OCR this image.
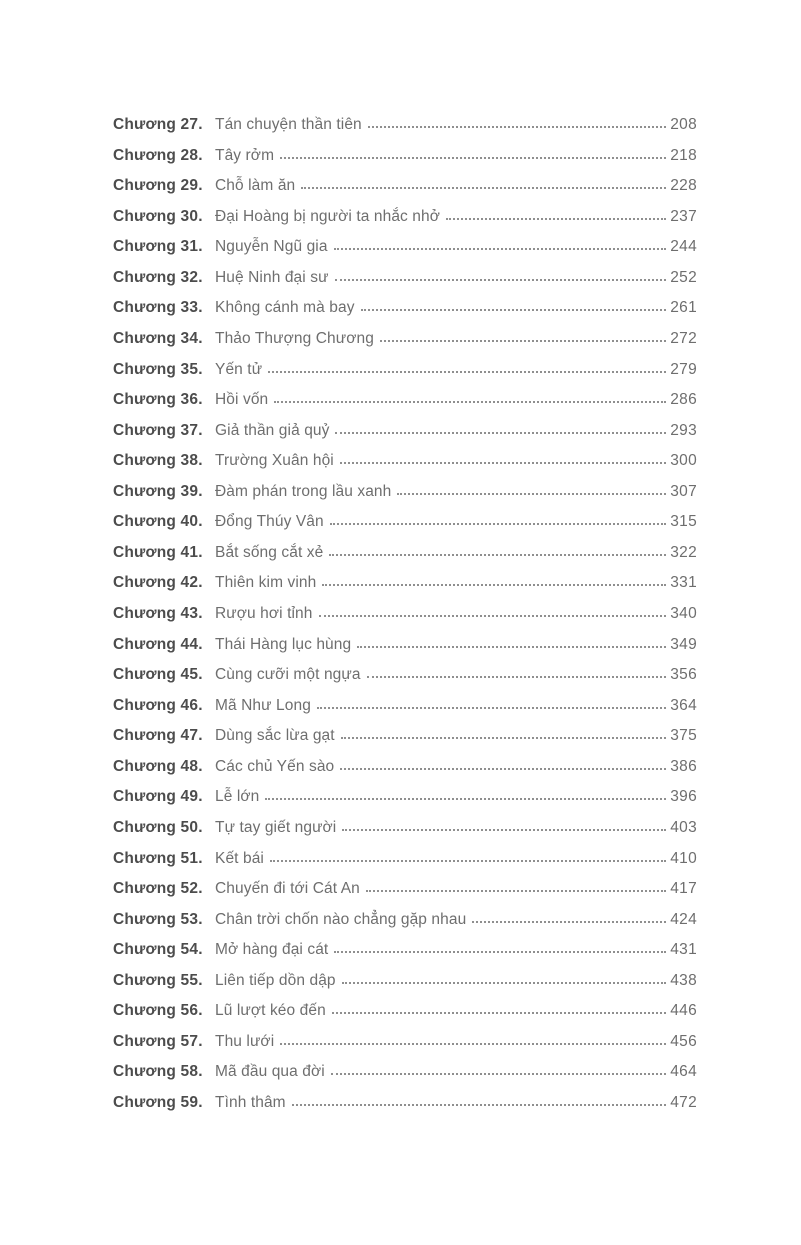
Chương 27. Tán chuyện thần tiên	208
Chương 28. Tây rởm	218
Chương 29. Chỗ làm ăn	228
Chương 30. Đại Hoàng bị người ta nhắc nhở	237
Chương 31. Nguyễn Ngũ gia	244
Chương 32. Huệ Ninh đại sư	252
Chương 33. Không cánh mà bay	261
Chương 34. Thảo Thượng Chương	272
Chương 35. Yến tử	279
Chương 36. Hồi vốn	286
Chương 37. Giả thần giả quỷ	293
Chương 38. Trường Xuân hội	300
Chương 39. Đàm phán trong lầu xanh	307
Chương 40. Đổng Thúy Vân	315
Chương 41. Bắt sống cắt xẻ	322
Chương 42. Thiên kim vinh	331
Chương 43. Rượu hơi tỉnh	340
Chương 44. Thái Hàng lục hùng	349
Chương 45. Cùng cưỡi một ngựa	356
Chương 46. Mã Như Long	364
Chương 47. Dùng sắc lừa gạt	375
Chương 48. Các chủ Yến sào	386
Chương 49. Lễ lớn	396
Chương 50. Tự tay giết người	403
Chương 51. Kết bái	410
Chương 52. Chuyến đi tới Cát An	417
Chương 53. Chân trời chốn nào chẳng gặp nhau	424
Chương 54. Mở hàng đại cát	431
Chương 55. Liên tiếp dồn dập	438
Chương 56. Lũ lượt kéo đến	446
Chương 57. Thu lưới	456
Chương 58. Mã đầu qua đời	464
Chương 59. Tình thâm	472
